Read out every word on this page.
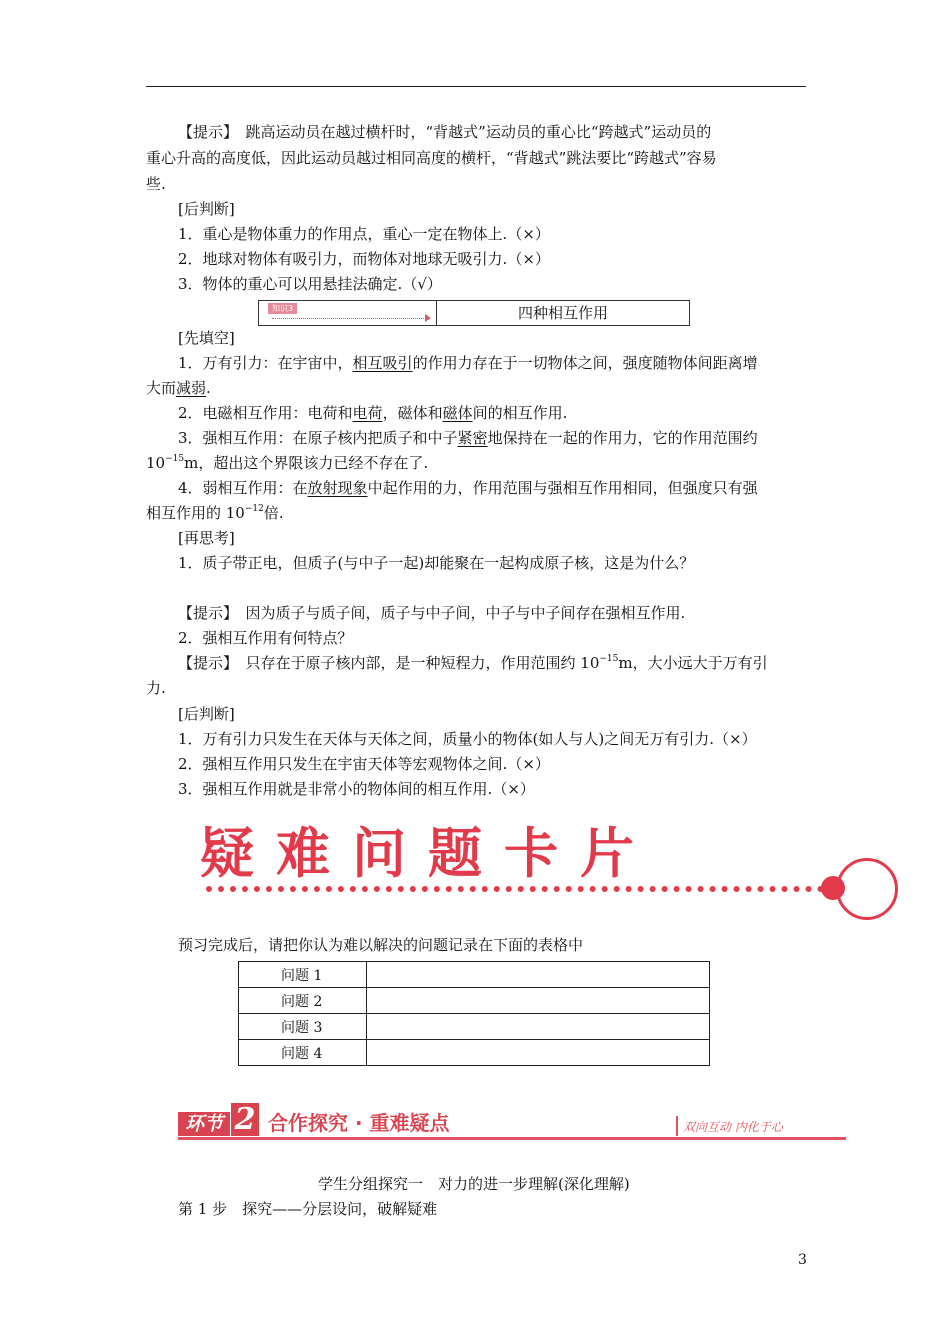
【提示】　跳高运动员在越过横杆时，“背越式”运动员的重心比“跨越式”运动员的
重心升高的高度低，因此运动员越过相同高度的横杆，“背越式”跳法要比“跨越式”容易
些.
[后判断]
1．重心是物体重力的作用点，重心一定在物体上.（×）
2．地球对物体有吸引力，而物体对地球无吸引力.（×）
3．物体的重心可以用悬挂法确定.（√）
知识3	四种相互作用
[先填空]
1．万有引力：在宇宙中，相互吸引的作用力存在于一切物体之间，强度随物体间距离增
大而减弱.
2．电磁相互作用：电荷和电荷，磁体和磁体间的相互作用.
3．强相互作用：在原子核内把质子和中子紧密地保持在一起的作用力，它的作用范围约
$10^{-15}m$，超出这个界限该力已经不存在了.
4．弱相互作用：在放射现象中起作用的力，作用范围与强相互作用相同，但强度只有强
相互作用的 $10^{-12}$倍.
[再思考]
1．质子带正电，但质子(与中子一起)却能聚在一起构成原子核，这是为什么？
【提示】　因为质子与质子间，质子与中子间，中子与中子间存在强相互作用.
2．强相互作用有何特点？
【提示】　只存在于原子核内部，是一种短程力，作用范围约 $10^{-15}m$，大小远大于万有引
力.
[后判断]
1．万有引力只发生在天体与天体之间，质量小的物体(如人与人)之间无万有引力.（×）
2．强相互作用只发生在宇宙天体等宏观物体之间.（×）
3．强相互作用就是非常小的物体间的相互作用.（×）
疑难问题卡片
预习完成后，请把你认为难以解决的问题记录在下面的表格中
问题 1	
问题 2	
问题 3	
问题 4	
环节 2 合作探究 · 重难疑点	双向互动 内化于心
学生分组探究一　对力的进一步理解(深化理解)
第 1 步　探究——分层设问，破解疑难
3
